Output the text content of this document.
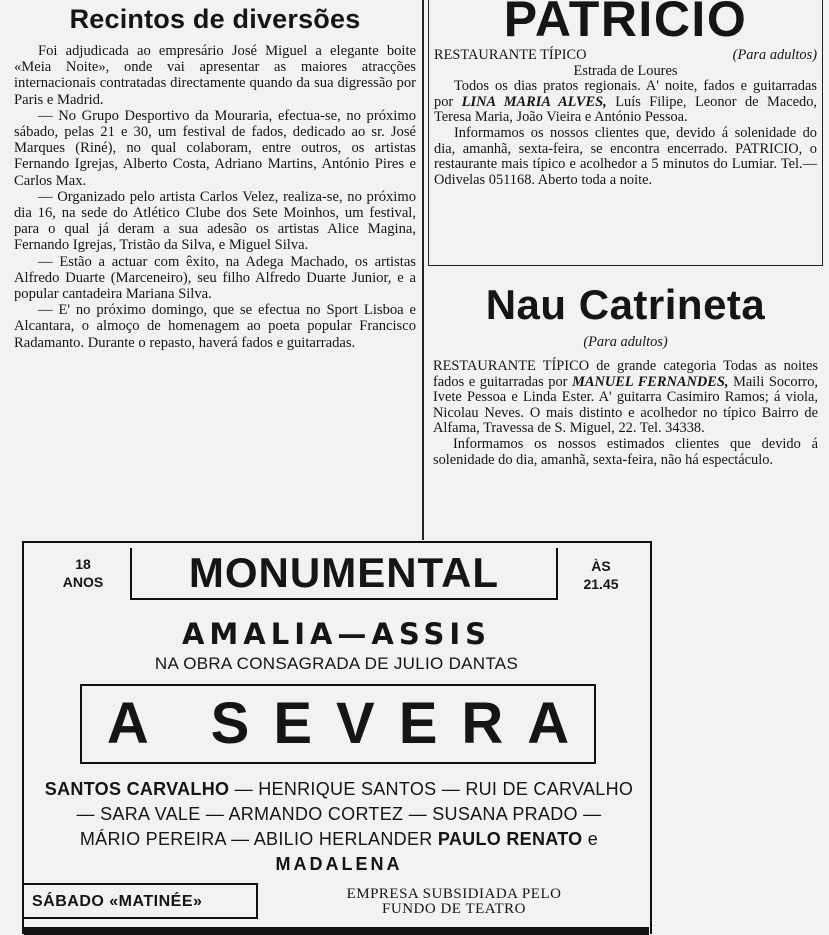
Recintos de diversões

Foi adjudicada ao empresário José Miguel a elegante boite «Meia Noite», onde vai apresentar as maiores atracções internacionais contratadas directamente quando da sua digressão por Paris e Madrid.

— No Grupo Desportivo da Mouraria, efectua-se, no próximo sábado, pelas 21 e 30, um festival de fados, dedicado ao sr. José Marques (Riné), no qual colaboram, entre outros, os artistas Fernando Igrejas, Alberto Costa, Adriano Martins, António Pires e Carlos Max.

— Organizado pelo artista Carlos Velez, realiza-se, no próximo dia 16, na sede do Atlético Clube dos Sete Moinhos, um festival, para o qual já deram a sua adesão os artistas Alice Magina, Fernando Igrejas, Tristão da Silva, e Miguel Silva.

— Estão a actuar com êxito, na Adega Machado, os artistas Alfredo Duarte (Marceneiro), seu filho Alfredo Duarte Junior, e a popular cantadeira Mariana Silva.

— E' no próximo domingo, que se efectua no Sport Lisboa e Alcantara, o almoço de homenagem ao poeta popular Francisco Radamanto. Durante o repasto, haverá fados e guitarradas.

PATRICIO
RESTAURANTE TÍPICO	(Para adultos)
Estrada de Loures

Todos os dias pratos regionais. A' noite, fados e guitarradas por LINA MARIA ALVES, Luís Filipe, Leonor de Macedo, Teresa Maria, João Vieira e António Pessoa.

Informamos os nossos clientes que, devido á solenidade do dia, amanhã, sexta-feira, se encontra encerrado. PATRICIO, o restaurante mais típico e acolhedor a 5 minutos do Lumiar. Tel.—Odivelas 051168. Aberto toda a noite.

Nau Catrineta
(Para adultos)

RESTAURANTE TÍPICO de grande categoria Todas as noites fados e guitarradas por MANUEL FERNANDES, Maili Socorro, Ivete Pessoa e Linda Ester. A' guitarra Casimiro Ramos; á viola, Nicolau Neves. O mais distinto e acolhedor no típico Bairro de Alfama, Travessa de S. Miguel, 22. Tel. 34338.

Informamos os nossos estimados clientes que devido á solenidade do dia, amanhã, sexta-feira, não há espectáculo.

18
ANOS	MONUMENTAL	ÀS
21.45
AMALIA—ASSIS
NA OBRA CONSAGRADA DE JULIO DANTAS
A SEVERA
SANTOS CARVALHO — HENRIQUE SANTOS — RUI DE CARVALHO — SARA VALE — ARMANDO CORTEZ — SUSANA PRADO — MÁRIO PEREIRA — ABILIO HERLANDER PAULO RENATO e MADALENA
SÁBADO «MATINÉE»	EMPRESA SUBSIDIADA PELO
FUNDO DE TEATRO
